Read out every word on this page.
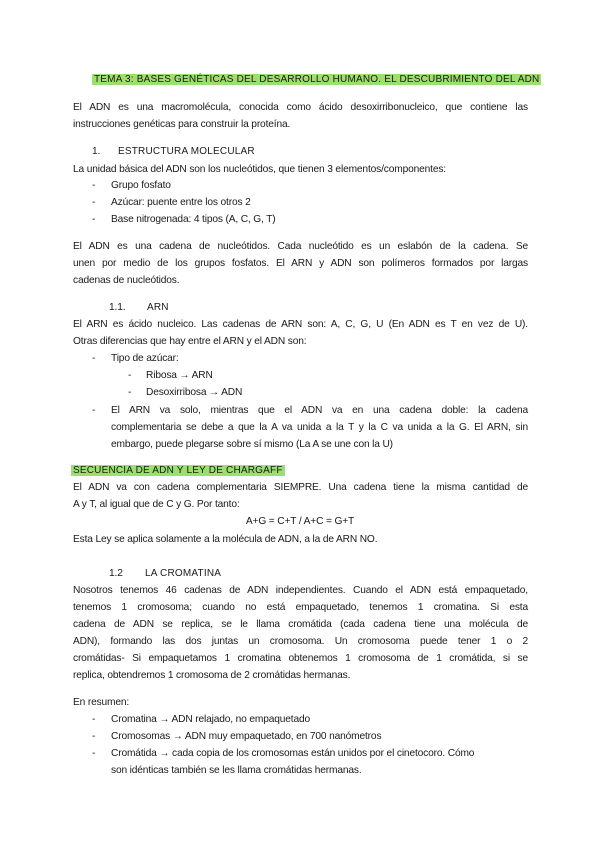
TEMA 3: BASES GENÉTICAS DEL DESARROLLO HUMANO. EL DESCUBRIMIENTO DEL ADN
El ADN es una macromolécula, conocida como ácido desoxirribonucleico, que contiene las
instrucciones genéticas para construir la proteína.
1. ESTRUCTURA MOLECULAR
La unidad básica del ADN son los nucleótidos, que tienen 3 elementos/componentes:
- Grupo fosfato
- Azúcar: puente entre los otros 2
- Base nitrogenada: 4 tipos (A, C, G, T)
El ADN es una cadena de nucleótidos. Cada nucleótido es un eslabón de la cadena. Se
unen por medio de los grupos fosfatos. El ARN y ADN son polímeros formados por largas
cadenas de nucleótidos.
1.1. ARN
El ARN es ácido nucleico. Las cadenas de ARN son: A, C, G, U (En ADN es T en vez de U).
Otras diferencias que hay entre el ARN y el ADN son:
- Tipo de azúcar:
- Ribosa → ARN
- Desoxirribosa → ADN
- El ARN va solo, mientras que el ADN va en una cadena doble: la cadena
complementaria se debe a que la A va unida a la T y la C va unida a la G. El ARN, sin
embargo, puede plegarse sobre sí mismo (La A se une con la U)
SECUENCIA DE ADN Y LEY DE CHARGAFF
El ADN va con cadena complementaria SIEMPRE. Una cadena tiene la misma cantidad de
A y T, al igual que de C y G. Por tanto:
A+G = C+T / A+C = G+T
Esta Ley se aplica solamente a la molécula de ADN, a la de ARN NO.
1.2 LA CROMATINA
Nosotros tenemos 46 cadenas de ADN independientes. Cuando el ADN está empaquetado,
tenemos 1 cromosoma; cuando no está empaquetado, tenemos 1 cromatina. Si esta
cadena de ADN se replica, se le llama cromátida (cada cadena tiene una molécula de
ADN), formando las dos juntas un cromosoma. Un cromosoma puede tener 1 o 2
cromátidas- Si empaquetamos 1 cromatina obtenemos 1 cromosoma de 1 cromátida, si se
replica, obtendremos 1 cromosoma de 2 cromátidas hermanas.
En resumen:
- Cromatina → ADN relajado, no empaquetado
- Cromosomas → ADN muy empaquetado, en 700 nanómetros
- Cromátida → cada copia de los cromosomas están unidos por el cinetocoro. Cómo
son idénticas también se les llama cromátidas hermanas.
